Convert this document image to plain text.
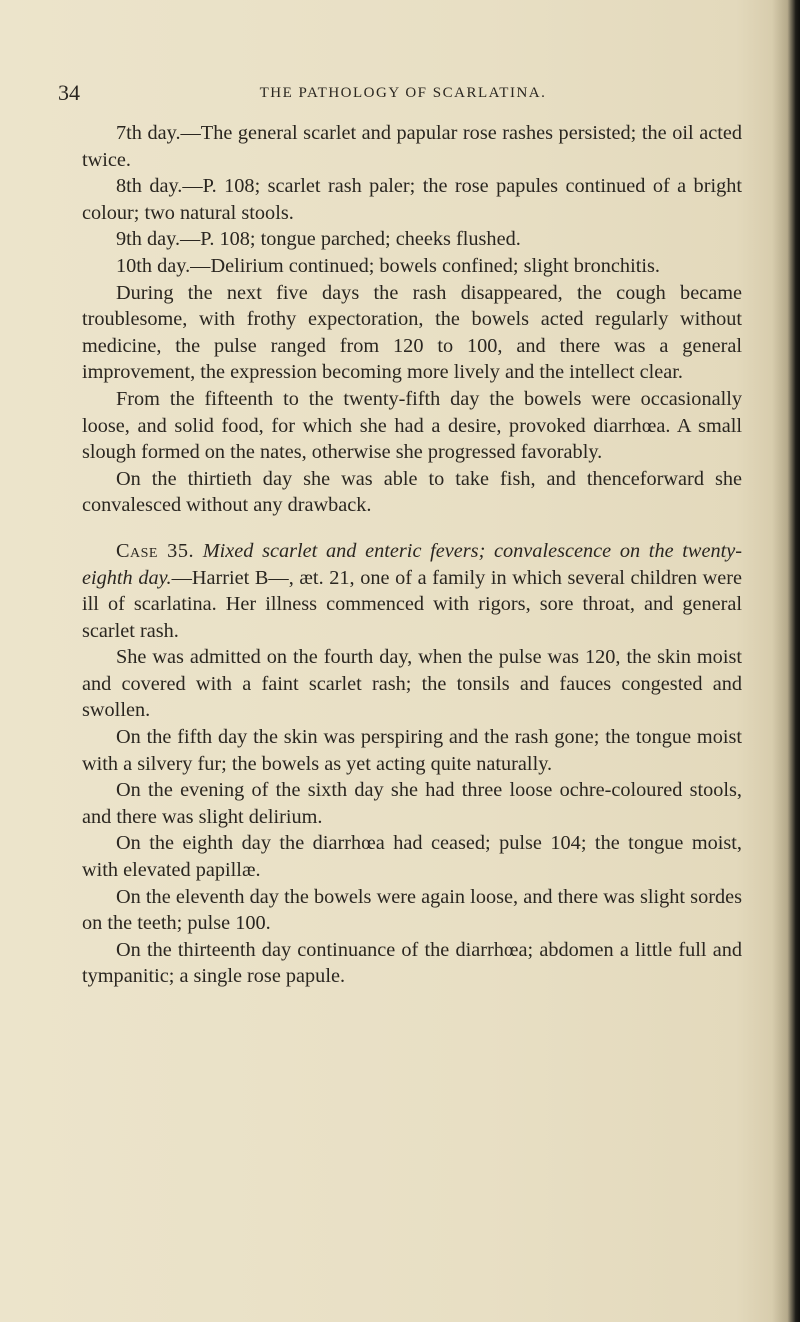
34	THE PATHOLOGY OF SCARLATINA.

7th day.—The general scarlet and papular rose rashes persisted; the oil acted twice.

8th day.—P. 108; scarlet rash paler; the rose papules continued of a bright colour; two natural stools.

9th day.—P. 108; tongue parched; cheeks flushed.

10th day.—Delirium continued; bowels confined; slight bronchitis.

During the next five days the rash disappeared, the cough became troublesome, with frothy expectoration, the bowels acted regularly without medicine, the pulse ranged from 120 to 100, and there was a general improvement, the expression becoming more lively and the intellect clear.

From the fifteenth to the twenty-fifth day the bowels were occasionally loose, and solid food, for which she had a desire, provoked diarrhœa. A small slough formed on the nates, otherwise she progressed favorably.

On the thirtieth day she was able to take fish, and thenceforward she convalesced without any drawback.

Case 35. Mixed scarlet and enteric fevers; convalescence on the twenty-eighth day.—Harriet B—, æt. 21, one of a family in which several children were ill of scarlatina. Her illness commenced with rigors, sore throat, and general scarlet rash.

She was admitted on the fourth day, when the pulse was 120, the skin moist and covered with a faint scarlet rash; the tonsils and fauces congested and swollen.

On the fifth day the skin was perspiring and the rash gone; the tongue moist with a silvery fur; the bowels as yet acting quite naturally.

On the evening of the sixth day she had three loose ochre-coloured stools, and there was slight delirium.

On the eighth day the diarrhœa had ceased; pulse 104; the tongue moist, with elevated papillæ.

On the eleventh day the bowels were again loose, and there was slight sordes on the teeth; pulse 100.

On the thirteenth day continuance of the diarrhœa; abdomen a little full and tympanitic; a single rose papule.
